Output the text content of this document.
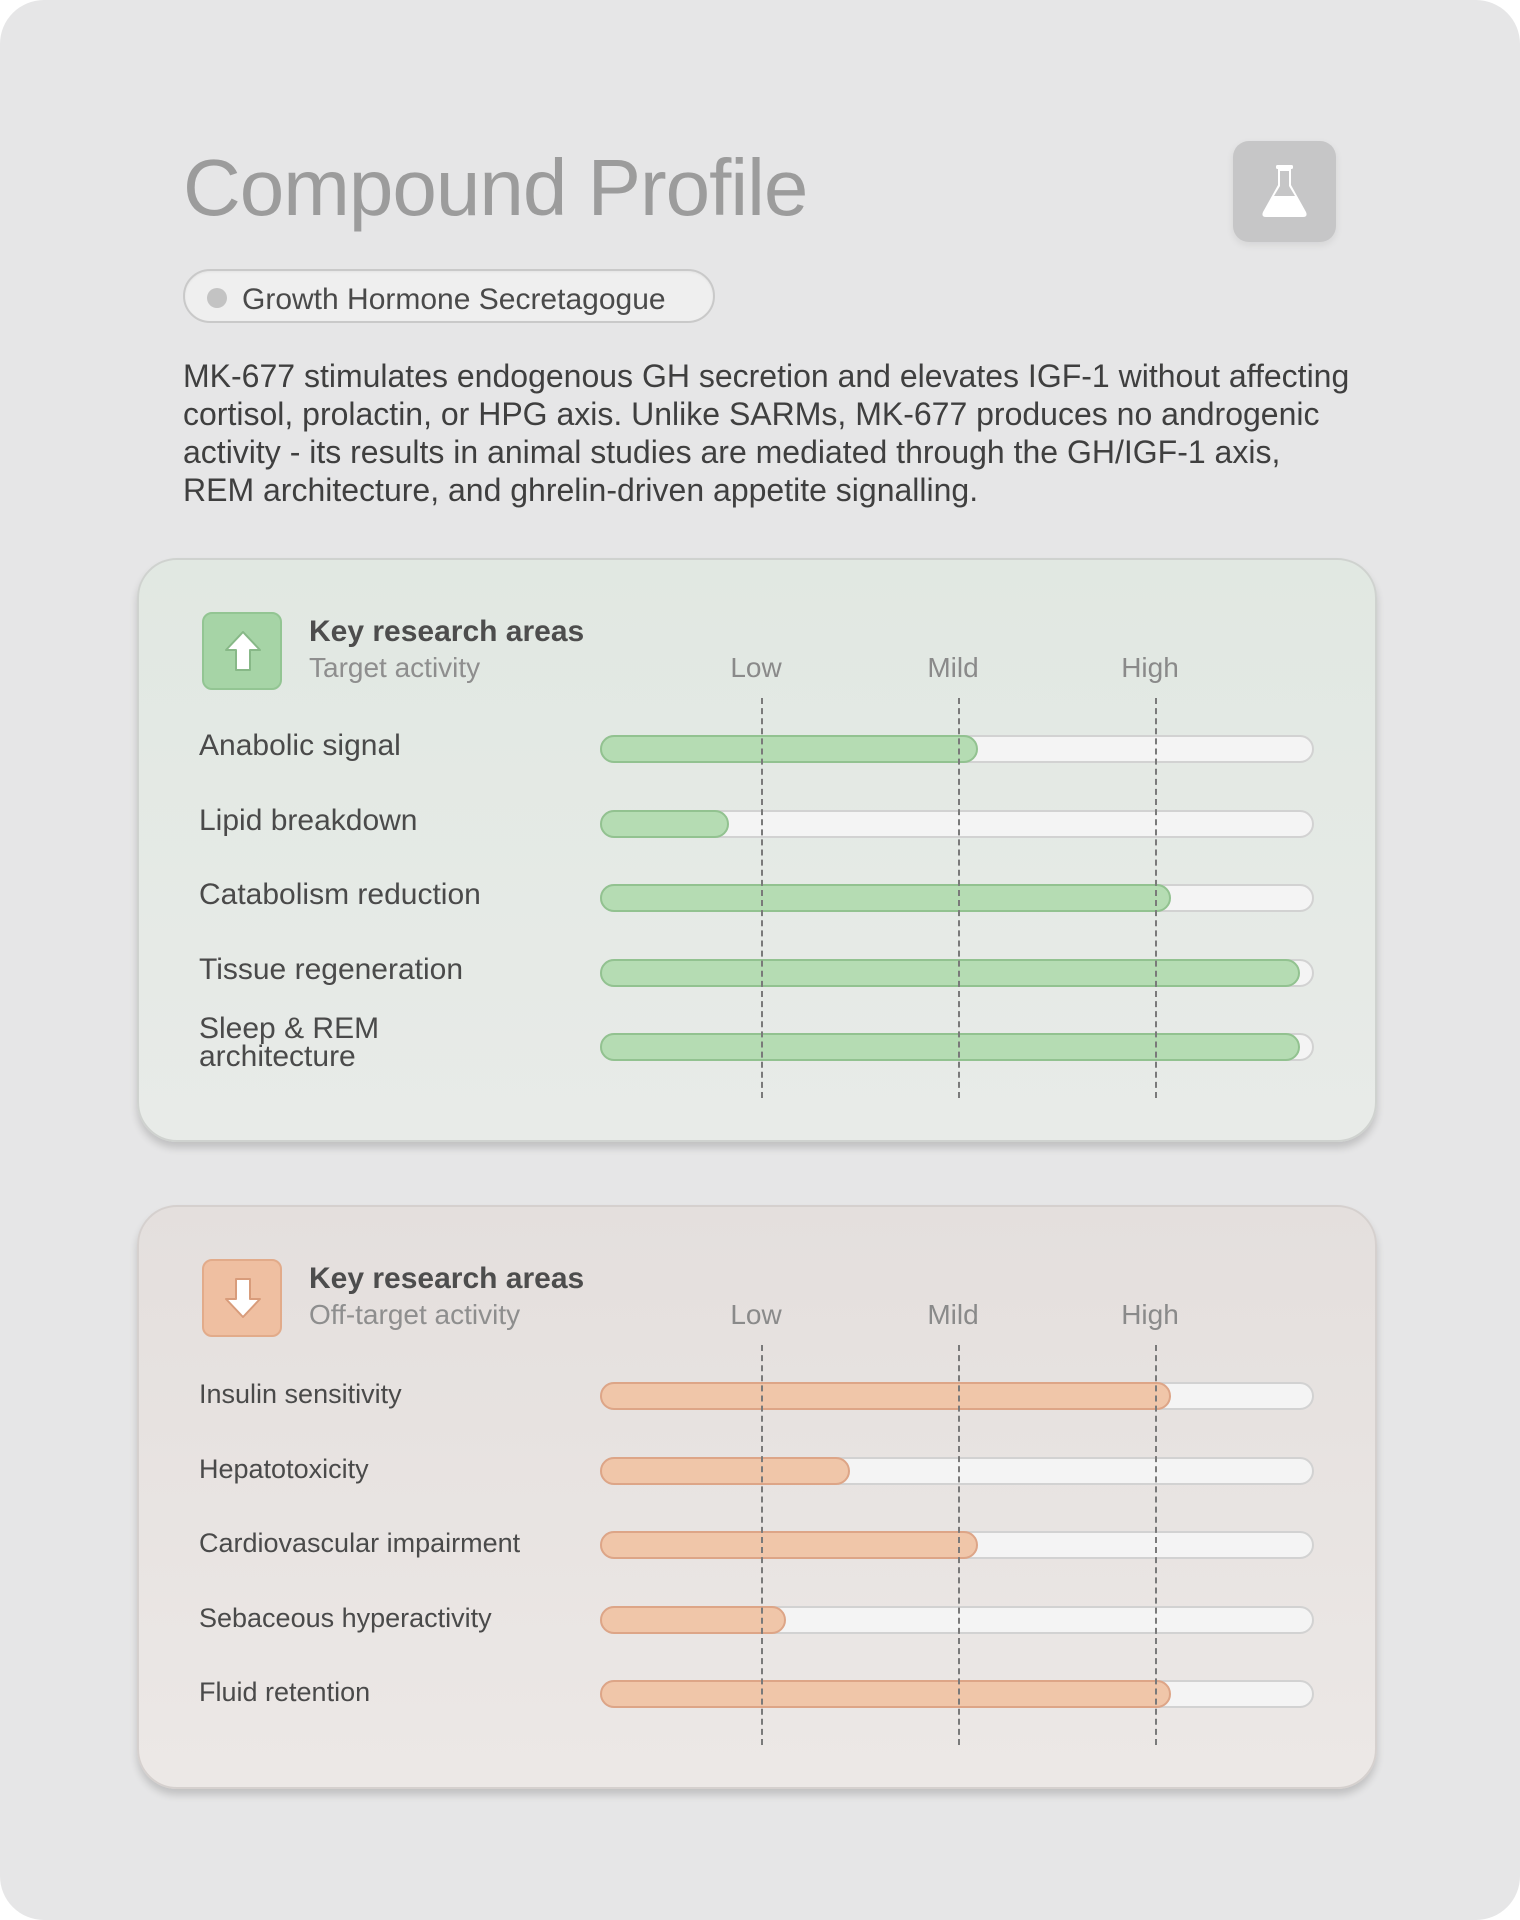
Compound Profile
Growth Hormone Secretagogue
MK-677 stimulates endogenous GH secretion and elevates IGF-1 without affecting cortisol, prolactin, or HPG axis. Unlike SARMs, MK-677 produces no androgenic activity - its results in animal studies are mediated through the GH/IGF-1 axis, REM architecture, and ghrelin-driven appetite signalling.
Key research areas
Target activity	Low	Mild	High
Anabolic signal
Lipid breakdown
Catabolism reduction
Tissue regeneration
Sleep & REM architecture
Key research areas
Off-target activity	Low	Mild	High
Insulin sensitivity
Hepatotoxicity
Cardiovascular impairment
Sebaceous hyperactivity
Fluid retention
